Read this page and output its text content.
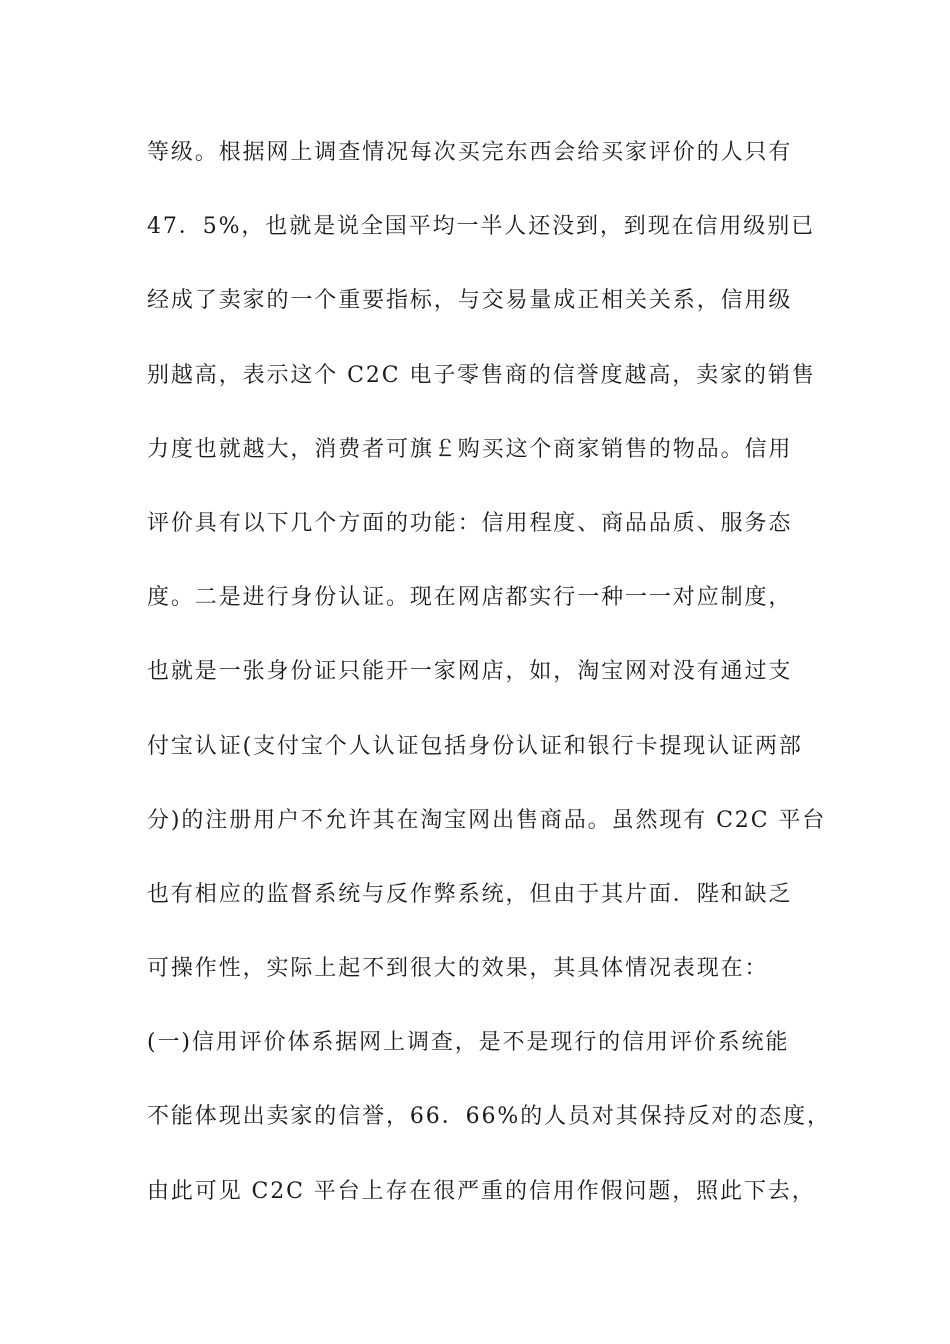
等级。根据网上调查情况每次买完东西会给买家评价的人只有

47．5%，也就是说全国平均一半人还没到，到现在信用级别已

经成了卖家的一个重要指标，与交易量成正相关关系，信用级

别越高，表示这个 C2C 电子零售商的信誉度越高，卖家的销售

力度也就越大，消费者可旗￡购买这个商家销售的物品。信用

评价具有以下几个方面的功能：信用程度、商品品质、服务态

度。二是进行身份认证。现在网店都实行一种一一对应制度，

也就是一张身份证只能开一家网店，如，淘宝网对没有通过支

付宝认证(支付宝个人认证包括身份认证和银行卡提现认证两部

分)的注册用户不允许其在淘宝网出售商品。虽然现有 C2C 平台

也有相应的监督系统与反作弊系统，但由于其片面．陛和缺乏

可操作性，实际上起不到很大的效果，其具体情况表现在：

(一)信用评价体系据网上调查，是不是现行的信用评价系统能

不能体现出卖家的信誉，66．66%的人员对其保持反对的态度，

由此可见 C2C 平台上存在很严重的信用作假问题，照此下去，
